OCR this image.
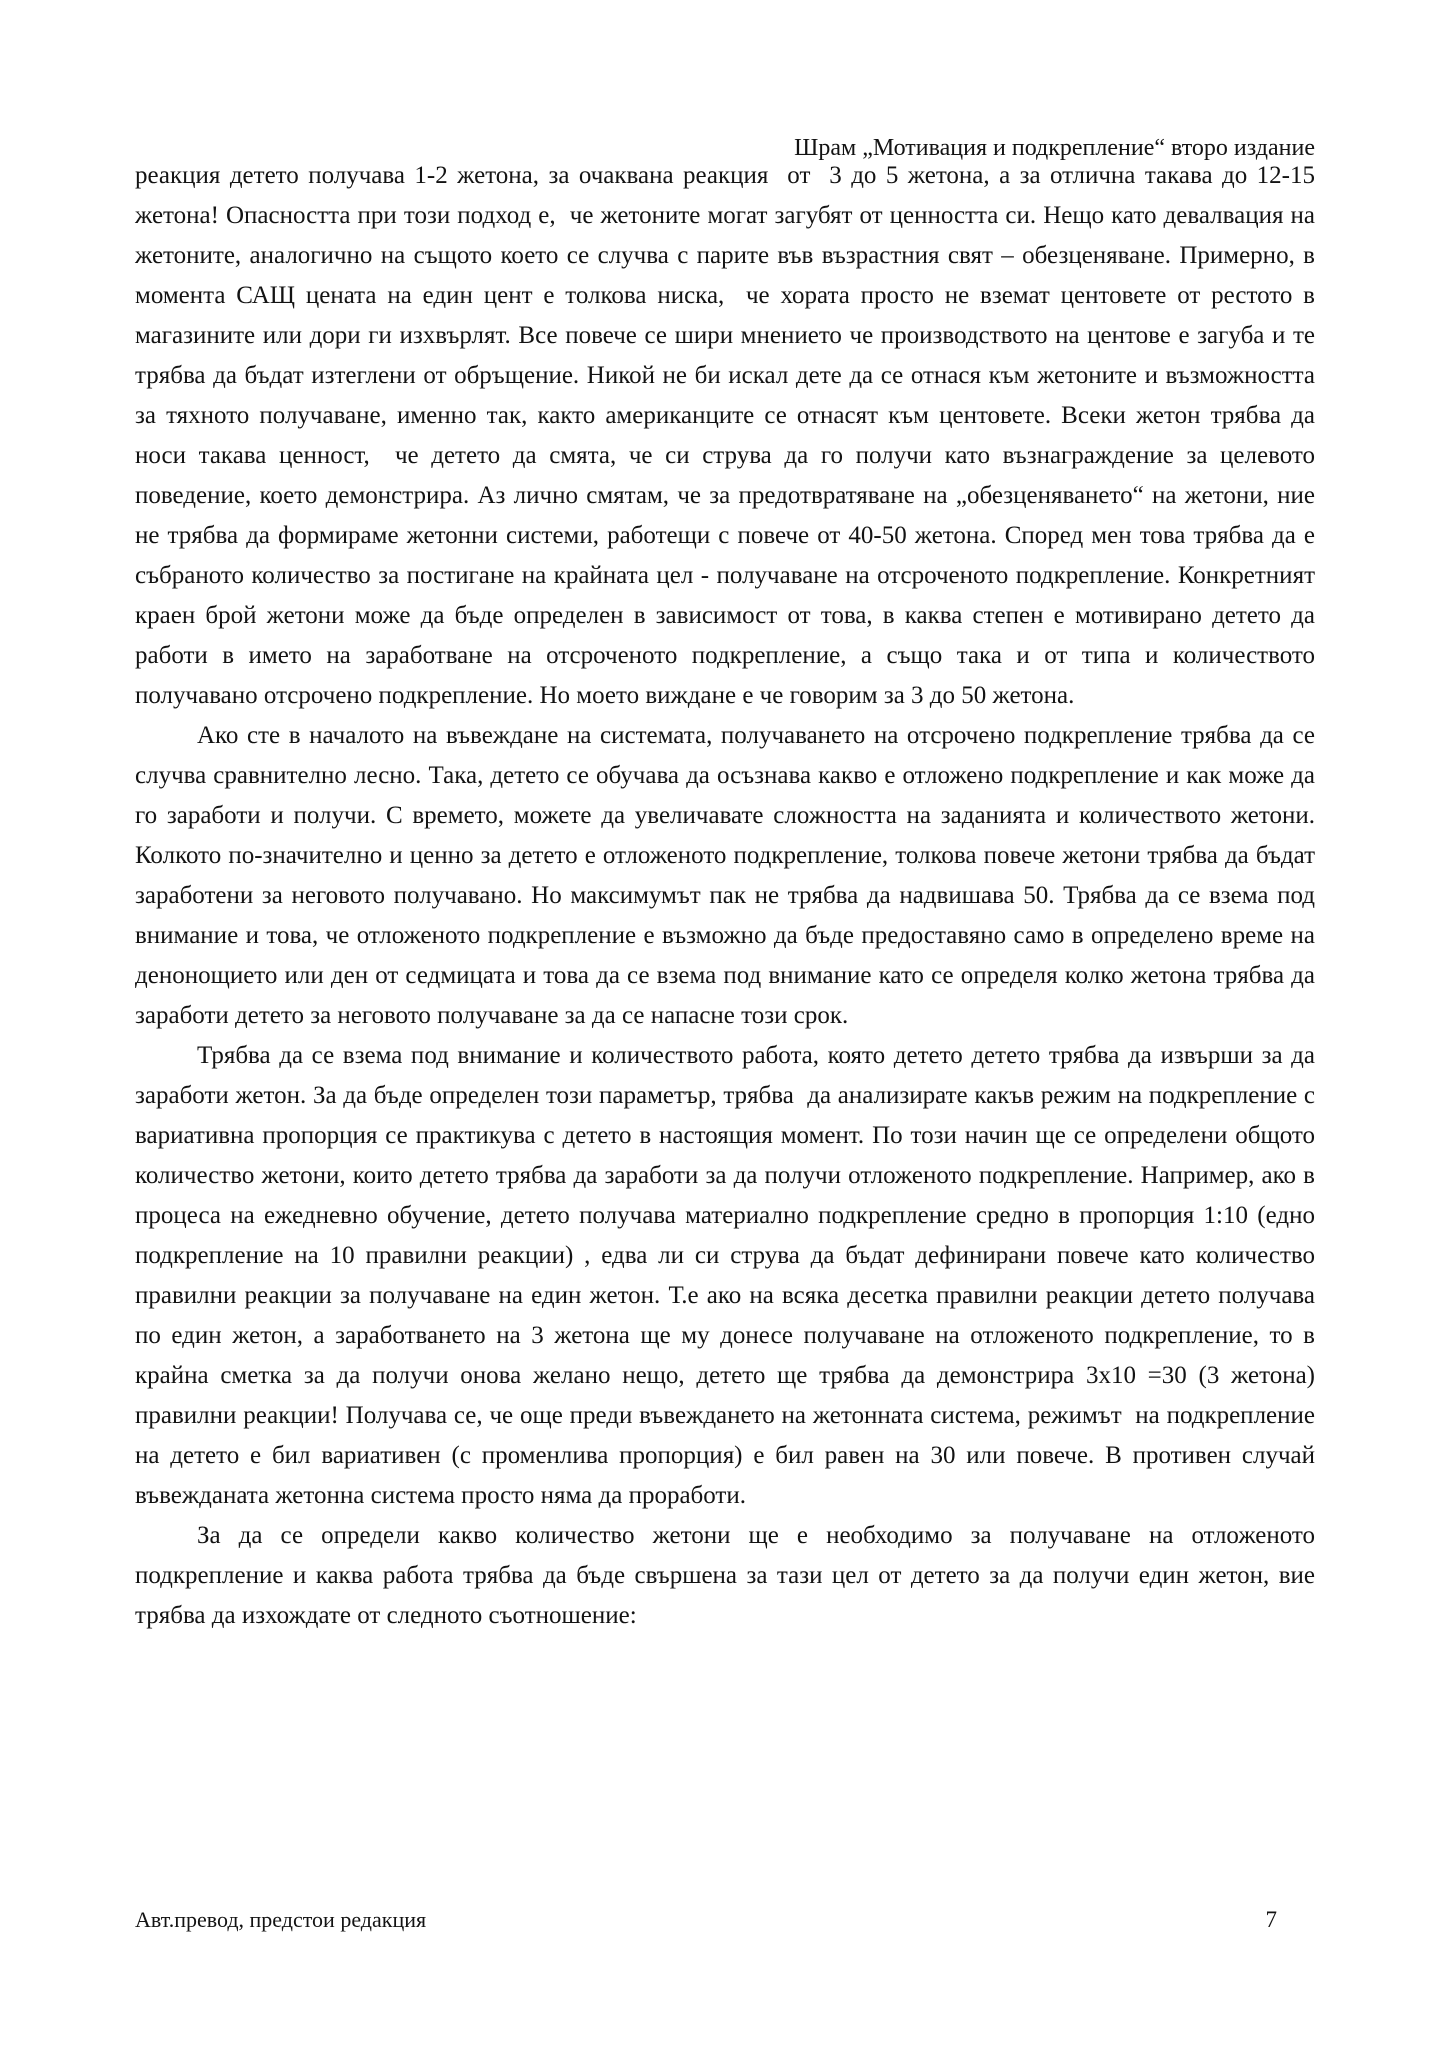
Шрам „Мотивация и подкрепление“ второ издание

реакция детето получава 1-2 жетона, за очаквана реакция  от  3 до 5 жетона, а за отлична такава до 12-15 жетона! Опасността при този подход е,  че жетоните могат загубят от ценността си. Нещо като девалвация на жетоните, аналогично на същото което се случва с парите във възрастния свят – обезценяване. Примерно, в момента САЩ цената на един цент е толкова ниска,  че хората просто не вземат центовете от рестото в магазините или дори ги изхвърлят. Все повече се шири мнението че производството на центове е загуба и те трябва да бъдат изтеглени от обръщение. Никой не би искал дете да се отнася към жетоните и възможността за тяхното получаване, именно так, както американците се отнасят към центовете. Всеки жетон трябва да носи такава ценност,  че детето да смята, че си струва да го получи като възнаграждение за целевото поведение, което демонстрира. Аз лично смятам, че за предотвратяване на „обезценяването“ на жетони, ние не трябва да формираме жетонни системи, работещи с повече от 40-50 жетона. Според мен това трябва да е събраното количество за постигане на крайната цел - получаване на отсроченото подкрепление. Конкретният краен брой жетони може да бъде определен в зависимост от това, в каква степен е мотивирано детето да работи в името на заработване на отсроченото подкрепление, а също така и от типа и количеството получавано отсрочено подкрепление. Но моето виждане е че говорим за 3 до 50 жетона.

Ако сте в началото на въвеждане на системата, получаването на отсрочено подкрепление трябва да се случва сравнително лесно. Така, детето се обучава да осъзнава какво е отложено подкрепление и как може да го заработи и получи. С времето, можете да увеличавате сложността на заданията и количеството жетони. Колкото по-значително и ценно за детето е отложеното подкрепление, толкова повече жетони трябва да бъдат заработени за неговото получавано. Но максимумът пак не трябва да надвишава 50. Трябва да се взема под внимание и това, че отложеното подкрепление е възможно да бъде предоставяно само в определено време на денонощието или ден от седмицата и това да се взема под внимание като се определя колко жетона трябва да заработи детето за неговото получаване за да се напасне този срок.

Трябва да се взема под внимание и количеството работа, която детето детето трябва да извърши за да заработи жетон. За да бъде определен този параметър, трябва  да анализирате какъв режим на подкрепление с вариативна пропорция се практикува с детето в настоящия момент. По този начин ще се определени общото количество жетони, които детето трябва да заработи за да получи отложеното подкрепление. Например, ако в процеса на ежедневно обучение, детето получава материално подкрепление средно в пропорция 1:10 (едно подкрепление на 10 правилни реакции) , едва ли си струва да бъдат дефинирани повече като количество правилни реакции за получаване на един жетон. Т.е ако на всяка десетка правилни реакции детето получава по един жетон, а заработването на 3 жетона ще му донесе получаване на отложеното подкрепление, то в крайна сметка за да получи онова желано нещо, детето ще трябва да демонстрира 3x10 =30 (3 жетона) правилни реакции! Получава се, че още преди въвеждането на жетонната система, режимът  на подкрепление на детето е бил вариативен (с променлива пропорция) е бил равен на 30 или повече. В противен случай въвежданата жетонна система просто няма да проработи.

За да се определи какво количество жетони ще е необходимо за получаване на отложеното подкрепление и каква работа трябва да бъде свършена за тази цел от детето за да получи един жетон, вие трябва да изхождате от следното съотношение:

Авт.превод, предстои редакция	7
